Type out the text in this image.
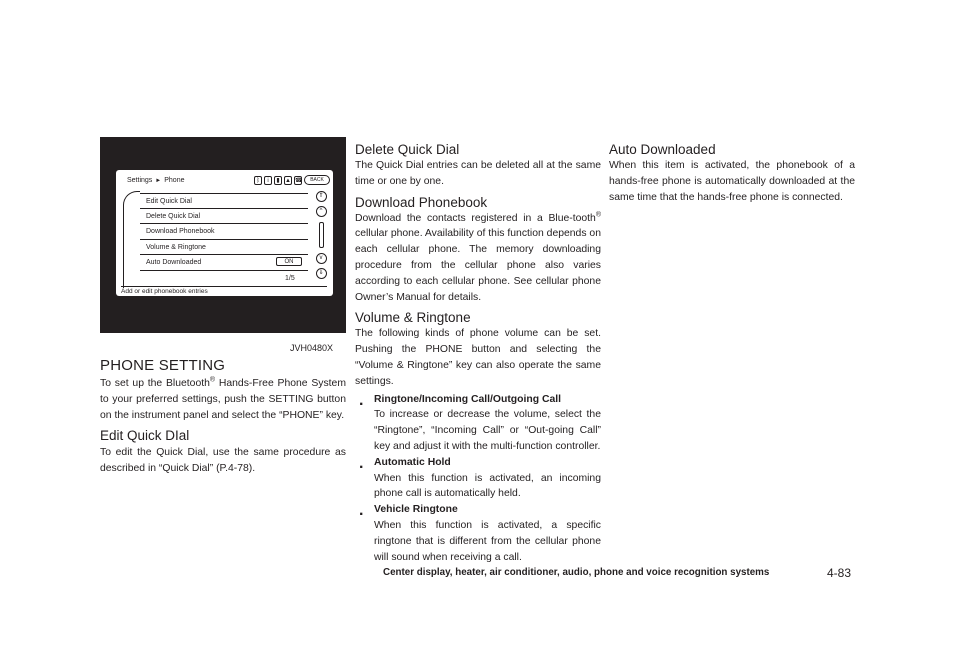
Settings ► Phone	ᛒ	i	▮ ▲ ☎	BACK
Edit Quick Dial
Delete Quick Dial
Download Phonebook
Volume & Ringtone
Auto Downloaded	ON
⇑
^
v
⇓
1/5
Add or edit phonebook entries
JVH0480X
PHONE SETTING

To set up the Bluetooth® Hands-Free Phone System to your preferred settings, push the SETTING button on the instrument panel and select the “PHONE” key.

Edit Quick DIal

To edit the Quick Dial, use the same procedure as described in “Quick Dial” (P.4-78).

Delete Quick Dial

The Quick Dial entries can be deleted all at the same time or one by one.

Download Phonebook

Download the contacts registered in a Blue-tooth® cellular phone. Availability of this function depends on each cellular phone. The memory downloading procedure from the cellular phone also varies according to each cellular phone. See cellular phone Owner’s Manual for details.

Volume & Ringtone

The following kinds of phone volume can be set. Pushing the PHONE button and selecting the “Volume & Ringtone” key can also operate the same settings.

. Ringtone/Incoming Call/Outgoing Call

To increase or decrease the volume, select the “Ringtone”, “Incoming Call” or “Out-going Call” key and adjust it with the multi-function controller.

. Automatic Hold

When this function is activated, an incoming phone call is automatically held.

. Vehicle Ringtone

When this function is activated, a specific ringtone that is different from the cellular phone will sound when receiving a call.

Auto Downloaded

When this item is activated, the phonebook of a hands-free phone is automatically downloaded at the same time that the hands-free phone is connected.

Center display, heater, air conditioner, audio, phone and voice recognition systems	4-83
